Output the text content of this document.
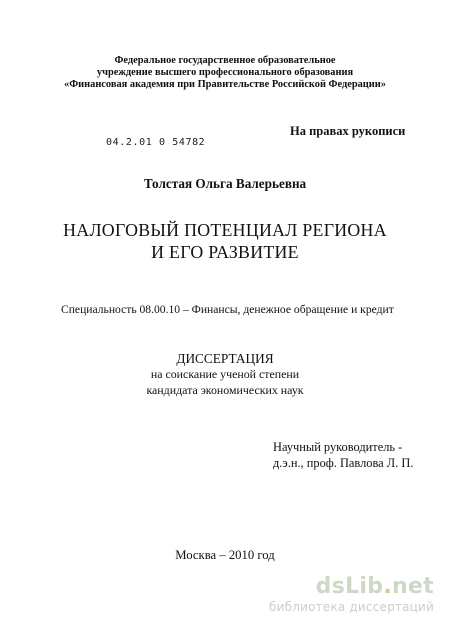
Федеральное государственное образовательное
учреждение высшего профессионального образования
«Финансовая академия при Правительстве Российской Федерации»
На правах рукописи
04.2.01 0 54782
Толстая Ольга Валерьевна
НАЛОГОВЫЙ ПОТЕНЦИАЛ РЕГИОНА
И ЕГО РАЗВИТИЕ
Специальность 08.00.10 – Финансы, денежное обращение и кредит
ДИССЕРТАЦИЯ
на соискание ученой степени
кандидата экономических наук
Научный руководитель -
д.э.н., проф. Павлова Л. П.
Москва – 2010 год
dsLib.net
библиотека диссертаций
